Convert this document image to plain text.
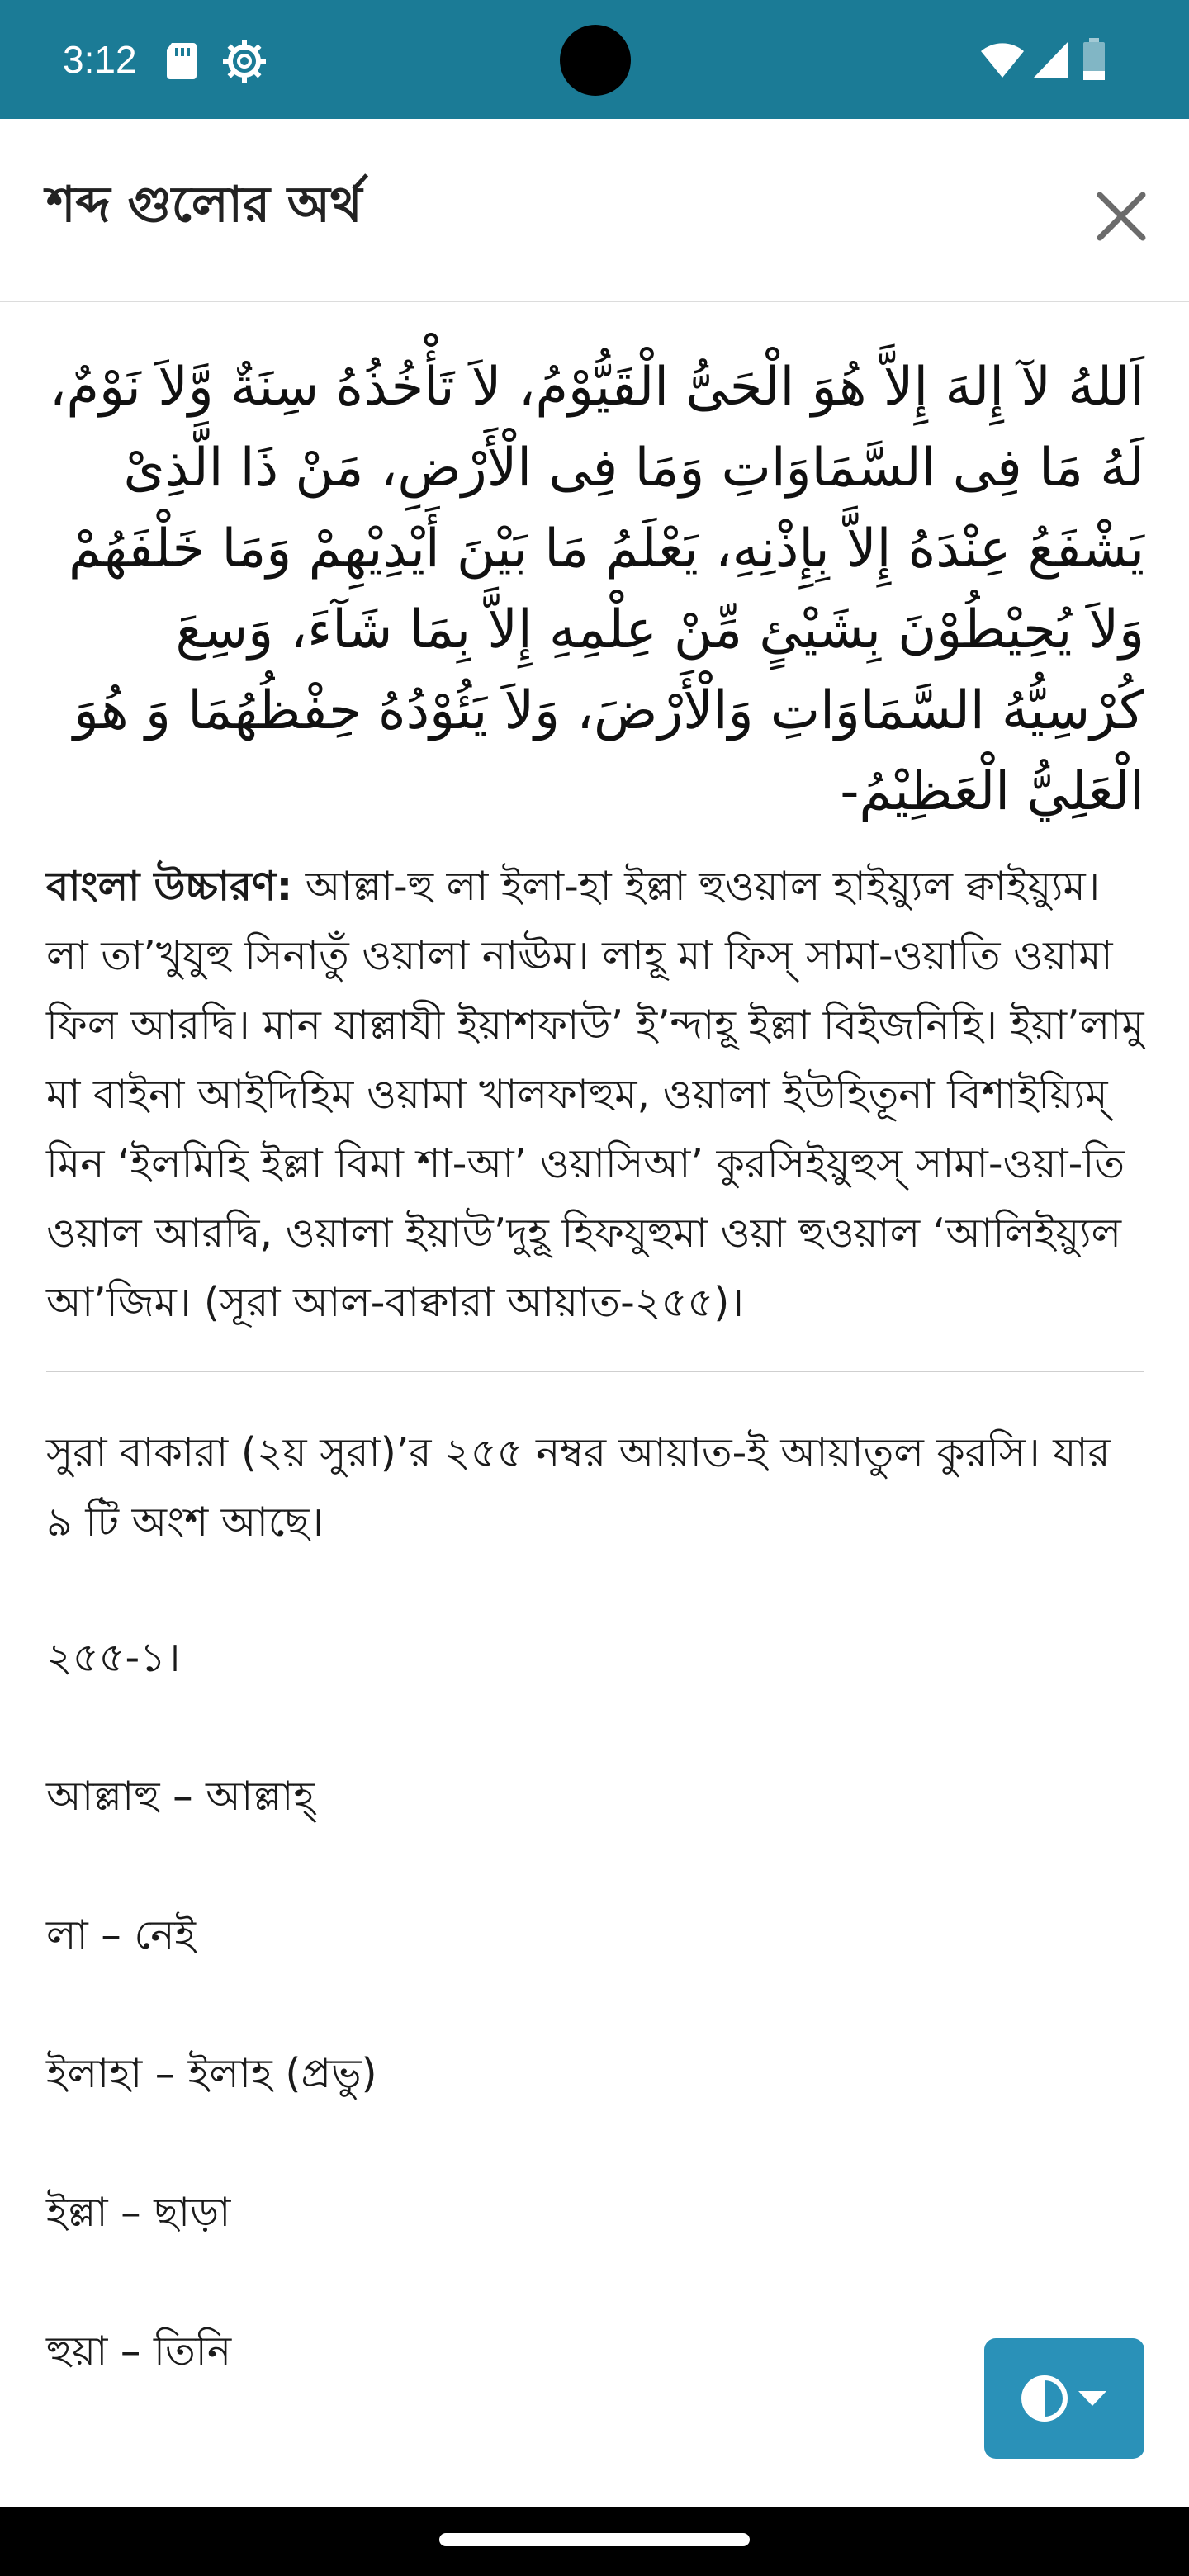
3:12
শব্দ গুলোর অর্থ

اَللهُ لآ إِلهَ إِلاَّ هُوَ الْحَىُّ الْقَيُّوْمُ، لاَ تَأْخُذُهُ سِنَةٌ وَّلاَ نَوْمٌ، لَهُ مَا فِى السَّمَاوَاتِ وَمَا فِى الْأَرْضِ، مَنْ ذَا الَّذِىْ يَشْفَعُ عِنْدَهُ إِلاَّ بِإِذْنِهِ، يَعْلَمُ مَا بَيْنَ أَيْدِيْهِمْ وَمَا خَلْفَهُمْ وَلاَ يُحِيْطُوْنَ بِشَيْئٍ مِّنْ عِلْمِهِ إِلاَّ بِمَا شَآءَ، وَسِعَ كُرْسِيُّهُ السَّمَاوَاتِ وَالْأَرْضَ، وَلاَ يَئُوْدُهُ حِفْظُهُمَا وَ هُوَ الْعَلِيُّ الْعَظِيْمُ-

বাংলা উচ্চারণ: আল্লা-হু লা ইলা-হা ইল্লা হুওয়াল হাইয়্যুল ক্বাইয়্যুম। লা তা’খুযুহু সিনাতুঁ ওয়ালা নাঊম। লাহূ মা ফিস্ সামা-ওয়াতি ওয়ামা ফিল আরদ্বি। মান যাল্লাযী ইয়াশফাউ’ ই’ন্দাহূ ইল্লা বিইজনিহি। ইয়া’লামু মা বাইনা আইদিহিম ওয়ামা খালফাহুম, ওয়ালা ইউহিতূনা বিশাইয়্যিম্ মিন ‘ইলমিহি ইল্লা বিমা শা-আ’ ওয়াসিআ’ কুরসিইয়ুহুস্ সামা-ওয়া-তি ওয়াল আরদ্বি, ওয়ালা ইয়াউ’দুহূ হিফযুহুমা ওয়া হুওয়াল ‘আলিইয়্যুল আ’জিম। (সূরা আল-বাক্বারা আয়াত-২৫৫)।
সুরা বাকারা (২য় সুরা)’র ২৫৫ নম্বর আয়াত-ই আয়াতুল কুরসি। যার ৯ টি অংশ আছে।
২৫৫-১।
আল্লাহু – আল্লাহ্
লা – নেই
ইলাহা – ইলাহ (প্রভু)
ইল্লা – ছাড়া
হুয়া – তিনি
